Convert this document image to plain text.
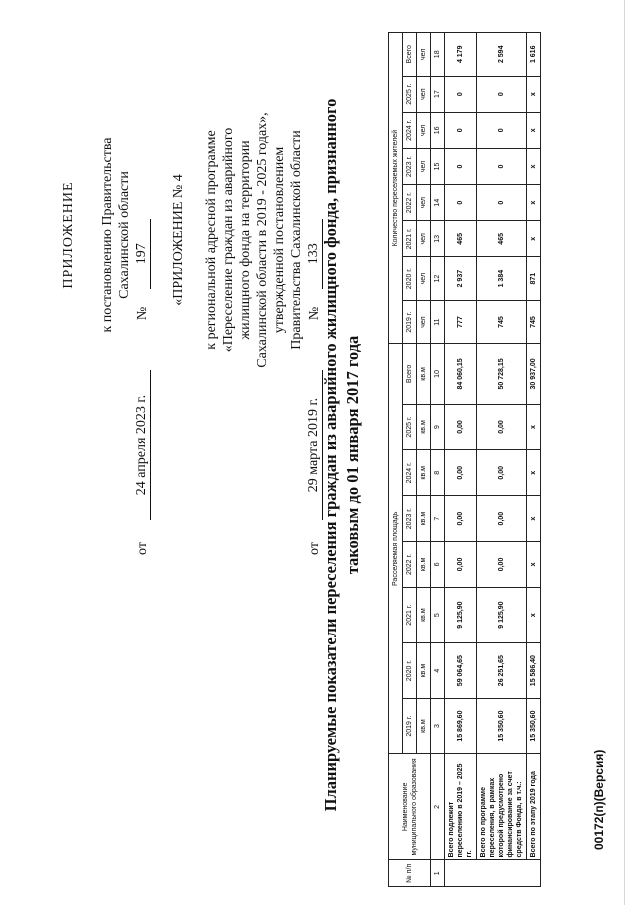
ПРИЛОЖЕНИЕ к постановлению Правительства Сахалинской области
от
24 апреля 2023 г.
№
197 «ПРИЛОЖЕНИЕ № 4 к региональной адресной программе «Переселение граждан из аварийного жилищного фонда на территории Сахалинской области в 2019 - 2025 годах», утвержденной постановлением Правительства Сахалинской области
от
29 марта 2019 г.
№
133 Планируемые показатели переселения граждан из аварийного жилищного фонда, признанного таковым до 01 января 2017 года
№ п/п	Наименование муниципального образования	Расселяемая площадь								Количество переселяемых жителей							
		2019 г.	2020 г.	2021 г.	2022 г.	2023 г.	2024 г.	2025 г.	Всего	2019 г.	2020 г.	2021 г.	2022 г.	2023 г.	2024 г.	2025 г.	Всего
		кв.м	кв.м	кв.м	кв.м	кв.м	кв.м	кв.м	кв.м	чел	чел	чел	чел	чел	чел	чел	чел
1	2	3	4	5	6	7	8	9	10	11	12	13	14	15	16	17	18
	Всего подлежит переселению в 2019 – 2025 гг.	15 869,60	59 064,65	9 125,90	0,00	0,00	0,00	0,00	84 060,15	777	2 937	465	0	0	0	0	4 179
	Всего по программе переселения, в рамках которой предусмотрено финансирование за счет средств Фонда, в т.ч.:	15 350,60	26 251,65	9 125,90	0,00	0,00	0,00	0,00	50 728,15	745	1 384	465	0	0	0	0	2 594
	Всего по этапу 2019 года	15 350,60	15 586,40	x	x	x	x	x	30 937,00	745	871	x	x	x	x	x	1 616
00172(п)(Версия)
